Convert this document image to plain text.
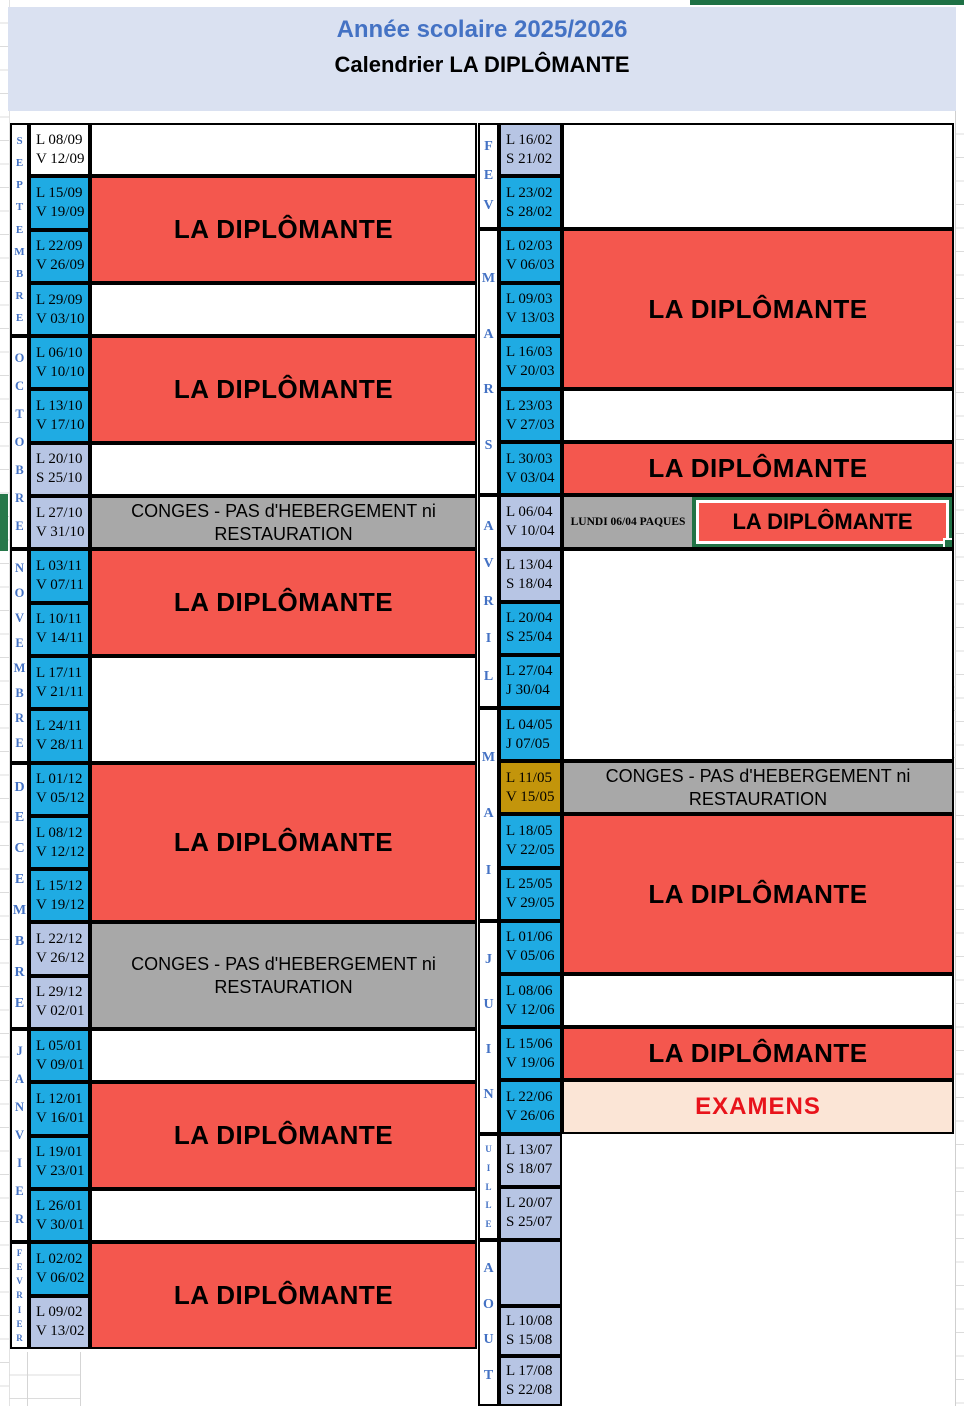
Année scolaire 2025/2026
Calendrier LA DIPLÔMANTE
S
E
P
T
E
M
B
R
E
L 08/09
V 12/09
L 15/09
V 19/09
L 22/09
V 26/09
L 29/09
V 03/10
O
C
T
O
B
R
E
L 06/10
V 10/10
L 13/10
V 17/10
L 20/10
S 25/10
L 27/10
V 31/10
N
O
V
E
M
B
R
E
L 03/11
V 07/11
L 10/11
V 14/11
L 17/11
V 21/11
L 24/11
V 28/11
D
E
C
E
M
B
R
E
L 01/12
V 05/12
L 08/12
V 12/12
L 15/12
V 19/12
L 22/12
V 26/12
L 29/12
V 02/01
J
A
N
V
I
E
R
L 05/01
V 09/01
L 12/01
V 16/01
L 19/01
V 23/01
L 26/01
V 30/01
F
E
V
R
I
E
R
L 02/02
V 06/02
L 09/02
V 13/02
LA DIPLÔMANTE
LA DIPLÔMANTE
CONGES - PAS d'HEBERGEMENT ni RESTAURATION
LA DIPLÔMANTE
LA DIPLÔMANTE
CONGES - PAS d'HEBERGEMENT ni RESTAURATION
LA DIPLÔMANTE
LA DIPLÔMANTE
F
E
V
L 16/02
S 21/02
L 23/02
S 28/02
M
A
R
S
L 02/03
V 06/03
L 09/03
V 13/03
L 16/03
V 20/03
L 23/03
V 27/03
L 30/03
V 03/04
A
V
R
I
L
L 06/04
V 10/04
L 13/04
S 18/04
L 20/04
S 25/04
L 27/04
J 30/04
M
A
I
L 04/05
J 07/05
L 11/05
V 15/05
L 18/05
V 22/05
L 25/05
V 29/05
J
U
I
N
L 01/06
V 05/06
L 08/06
V 12/06
L 15/06
V 19/06
L 22/06
V 26/06
U
I
L
L
E
L 13/07
S 18/07
L 20/07
S 25/07
A
O
U
T
L 10/08
S 15/08
L 17/08
S 22/08
LA DIPLÔMANTE
LA DIPLÔMANTE
LUNDI 06/04 PAQUES	LA DIPLÔMANTE
CONGES - PAS d'HEBERGEMENT ni RESTAURATION
LA DIPLÔMANTE
LA DIPLÔMANTE
EXAMENS
